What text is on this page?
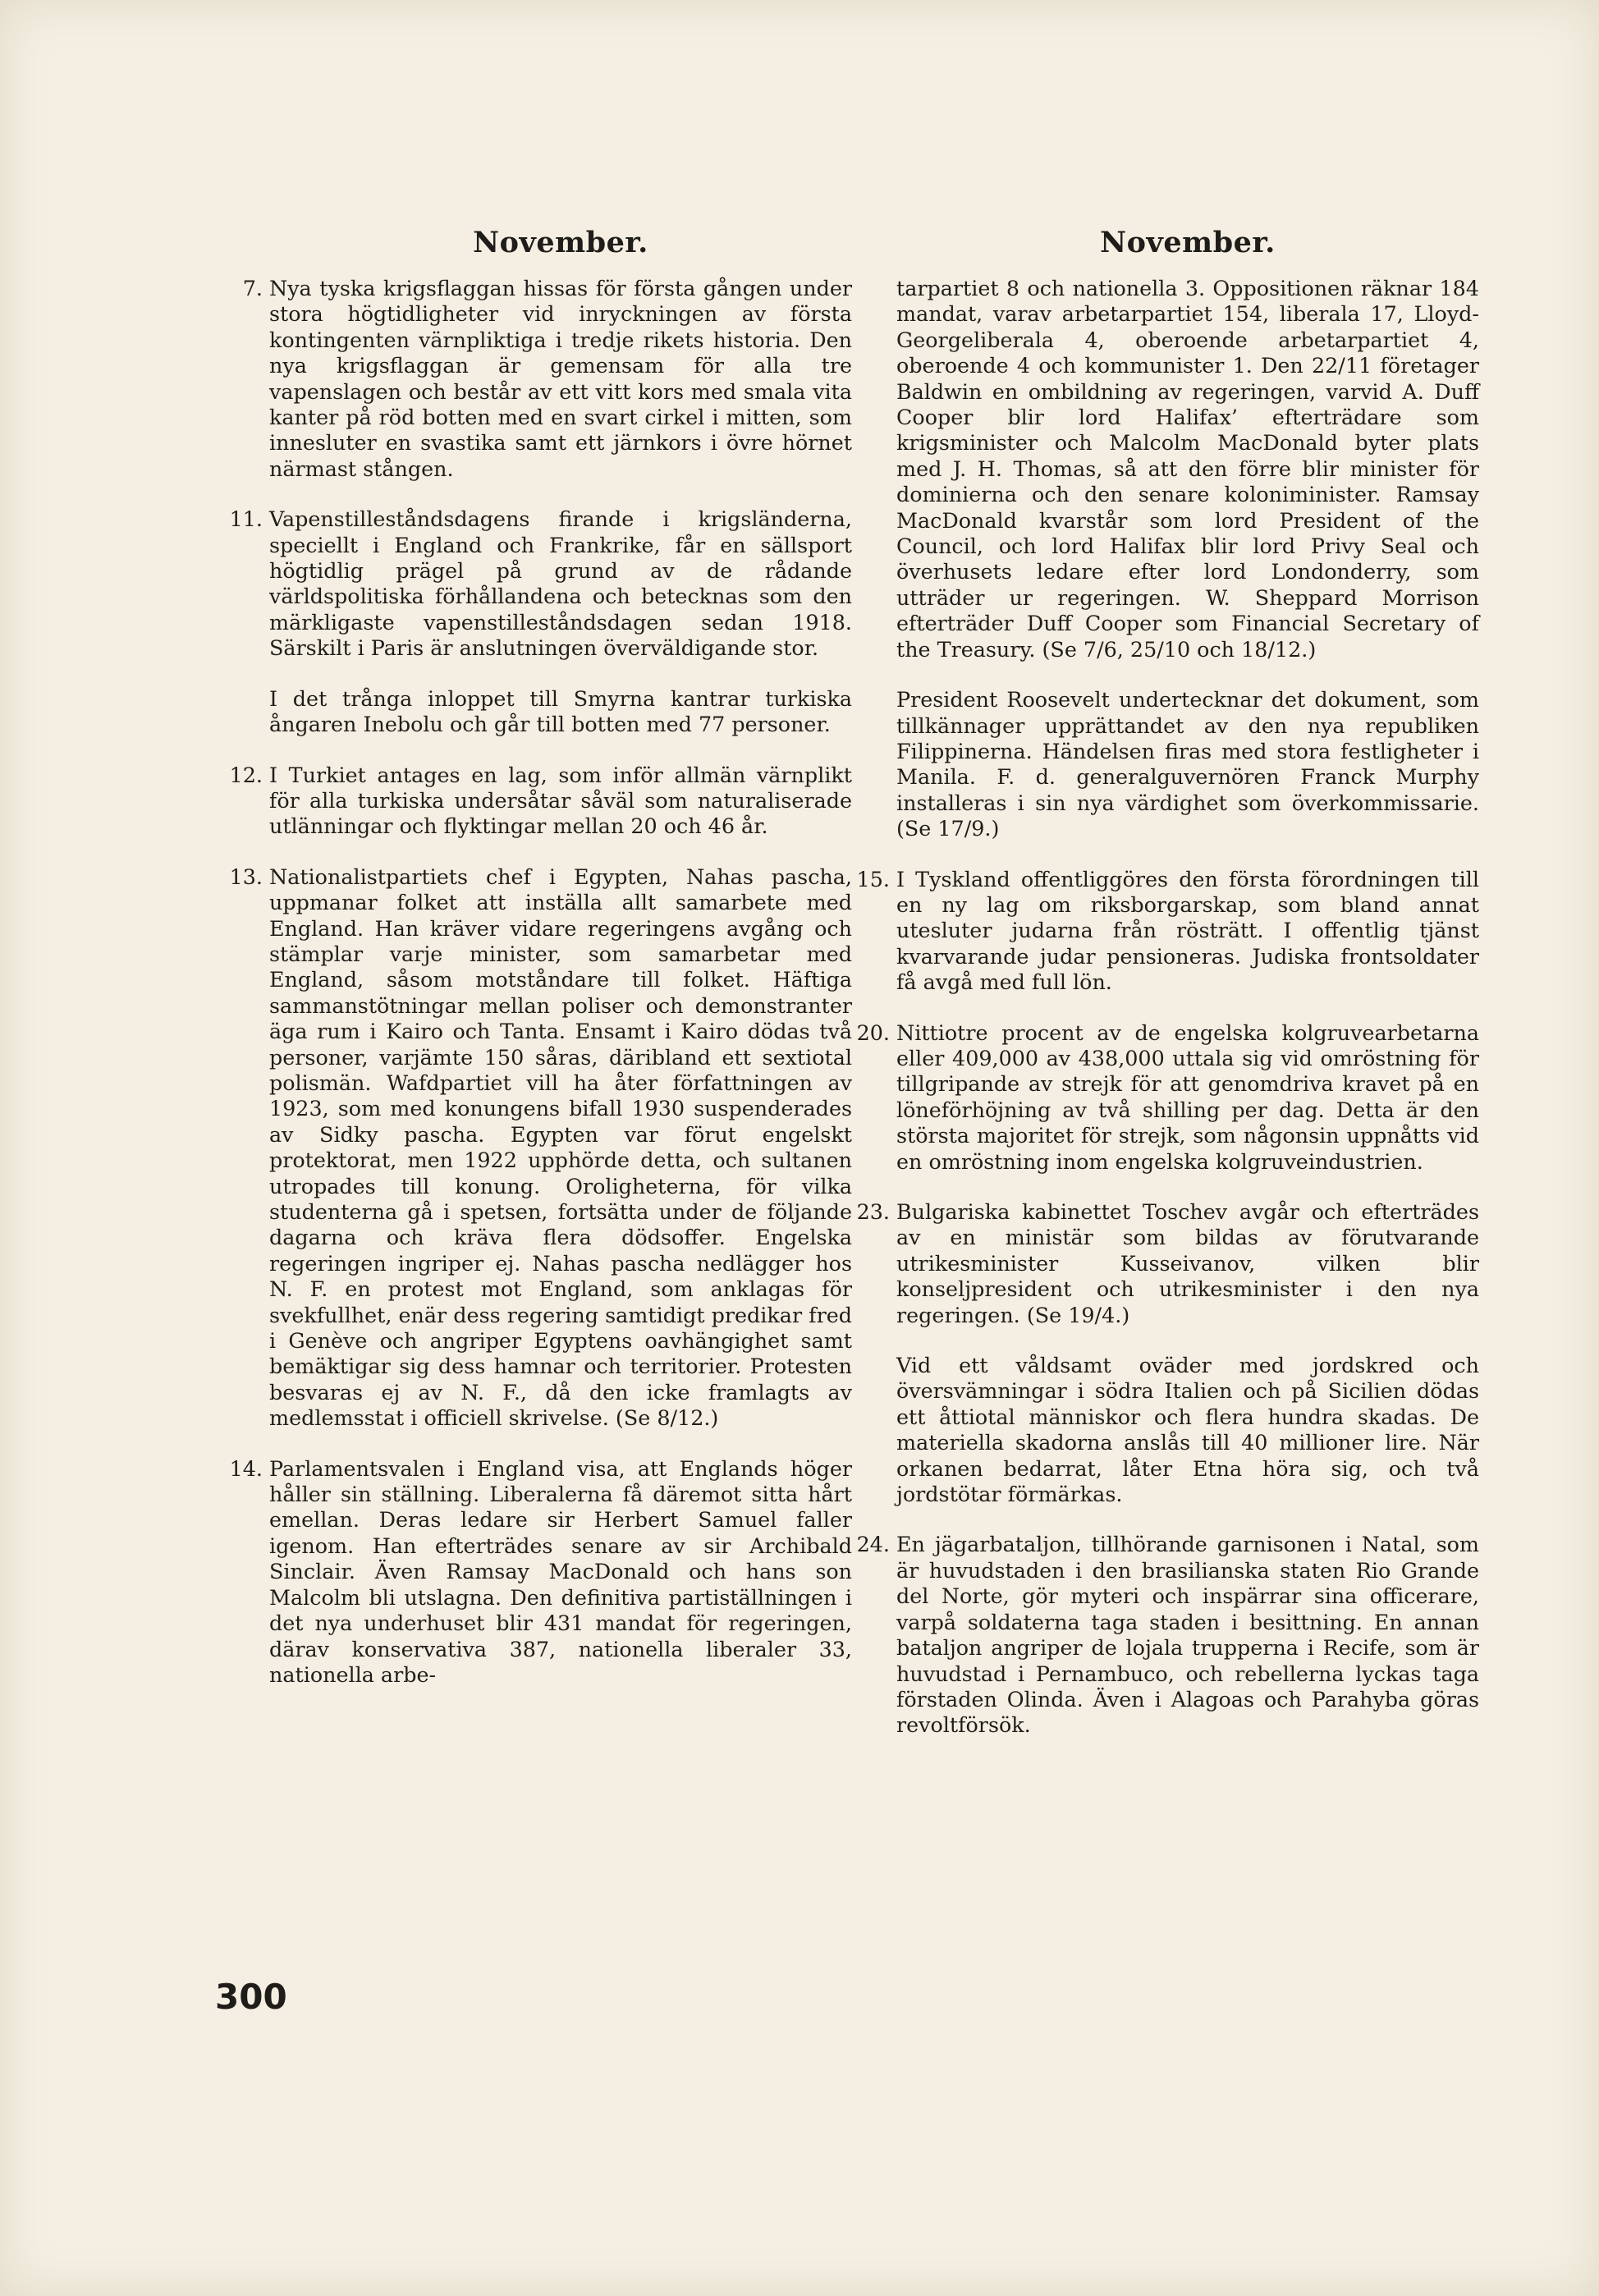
November.
7. Nya tyska krigsflaggan hissas för första gången under stora högtidligheter vid inryckningen av första kontingenten värnpliktiga i tredje rikets historia. Den nya krigsflaggan är gemensam för alla tre vapenslagen och består av ett vitt kors med smala vita kanter på röd botten med en svart cirkel i mitten, som innesluter en svastika samt ett järnkors i övre hörnet närmast stången.
11. Vapenstilleståndsdagens firande i krigsländerna, speciellt i England och Frankrike, får en sällsport högtidlig prägel på grund av de rådande världspolitiska förhållandena och betecknas som den märkligaste vapenstilleståndsdagen sedan 1918. Särskilt i Paris är anslutningen överväldigande stor.
I det trånga inloppet till Smyrna kantrar turkiska ångaren Inebolu och går till botten med 77 personer.
12. I Turkiet antages en lag, som inför allmän värnplikt för alla turkiska undersåtar såväl som naturaliserade utlänningar och flyktingar mellan 20 och 46 år.
13. Nationalistpartiets chef i Egypten, Nahas pascha, uppmanar folket att inställa allt samarbete med England. Han kräver vidare regeringens avgång och stämplar varje minister, som samarbetar med England, såsom motståndare till folket. Häftiga sammanstötningar mellan poliser och demonstranter äga rum i Kairo och Tanta. Ensamt i Kairo dödas två personer, varjämte 150 såras, däribland ett sextiotal polismän. Wafdpartiet vill ha åter författningen av 1923, som med konungens bifall 1930 suspenderades av Sidky pascha. Egypten var förut engelskt protektorat, men 1922 upphörde detta, och sultanen utropades till konung. Oroligheterna, för vilka studenterna gå i spetsen, fortsätta under de följande dagarna och kräva flera dödsoffer. Engelska regeringen ingriper ej. Nahas pascha nedlägger hos N. F. en protest mot England, som anklagas för svekfullhet, enär dess regering samtidigt predikar fred i Genève och angriper Egyptens oavhängighet samt bemäktigar sig dess hamnar och territorier. Protesten besvaras ej av N. F., då den icke framlagts av medlemsstat i officiell skrivelse. (Se 8/12.)
14. Parlamentsvalen i England visa, att Englands höger håller sin ställning. Liberalerna få däremot sitta hårt emellan. Deras ledare sir Herbert Samuel faller igenom. Han efterträdes senare av sir Archibald Sinclair. Även Ramsay MacDonald och hans son Malcolm bli utslagna. Den definitiva partiställningen i det nya underhuset blir 431 mandat för regeringen, därav konservativa 387, nationella liberaler 33, nationella arbe-
November.
tarpartiet 8 och nationella 3. Oppositionen räknar 184 mandat, varav arbetarpartiet 154, liberala 17, Lloyd-Georgeliberala 4, oberoende arbetarpartiet 4, oberoende 4 och kommunister 1. Den 22/11 företager Baldwin en ombildning av regeringen, varvid A. Duff Cooper blir lord Halifax’ efterträdare som krigsminister och Malcolm MacDonald byter plats med J. H. Thomas, så att den förre blir minister för dominierna och den senare koloniminister. Ramsay MacDonald kvarstår som lord President of the Council, och lord Halifax blir lord Privy Seal och överhusets ledare efter lord Londonderry, som utträder ur regeringen. W. Sheppard Morrison efterträder Duff Cooper som Financial Secretary of the Treasury. (Se 7/6, 25/10 och 18/12.)
President Roosevelt undertecknar det dokument, som tillkännager upprättandet av den nya republiken Filippinerna. Händelsen firas med stora festligheter i Manila. F. d. generalguvernören Franck Murphy installeras i sin nya värdighet som överkommissarie. (Se 17/9.)
15. I Tyskland offentliggöres den första förordningen till en ny lag om riksborgarskap, som bland annat utesluter judarna från rösträtt. I offentlig tjänst kvarvarande judar pensioneras. Judiska frontsoldater få avgå med full lön.
20. Nittiotre procent av de engelska kolgruvearbetarna eller 409,000 av 438,000 uttala sig vid omröstning för tillgripande av strejk för att genomdriva kravet på en löneförhöjning av två shilling per dag. Detta är den största majoritet för strejk, som någonsin uppnåtts vid en omröstning inom engelska kolgruveindustrien.
23. Bulgariska kabinettet Toschev avgår och efterträdes av en ministär som bildas av förutvarande utrikesminister Kusseivanov, vilken blir konseljpresident och utrikesminister i den nya regeringen. (Se 19/4.)
Vid ett våldsamt oväder med jordskred och översvämningar i södra Italien och på Sicilien dödas ett åttiotal människor och flera hundra skadas. De materiella skadorna anslås till 40 millioner lire. När orkanen bedarrat, låter Etna höra sig, och två jordstötar förmärkas.
24. En jägarbataljon, tillhörande garnisonen i Natal, som är huvudstaden i den brasilianska staten Rio Grande del Norte, gör myteri och inspärrar sina officerare, varpå soldaterna taga staden i besittning. En annan bataljon angriper de lojala trupperna i Recife, som är huvudstad i Pernambuco, och rebellerna lyckas taga förstaden Olinda. Även i Alagoas och Parahyba göras revoltförsök.
300
